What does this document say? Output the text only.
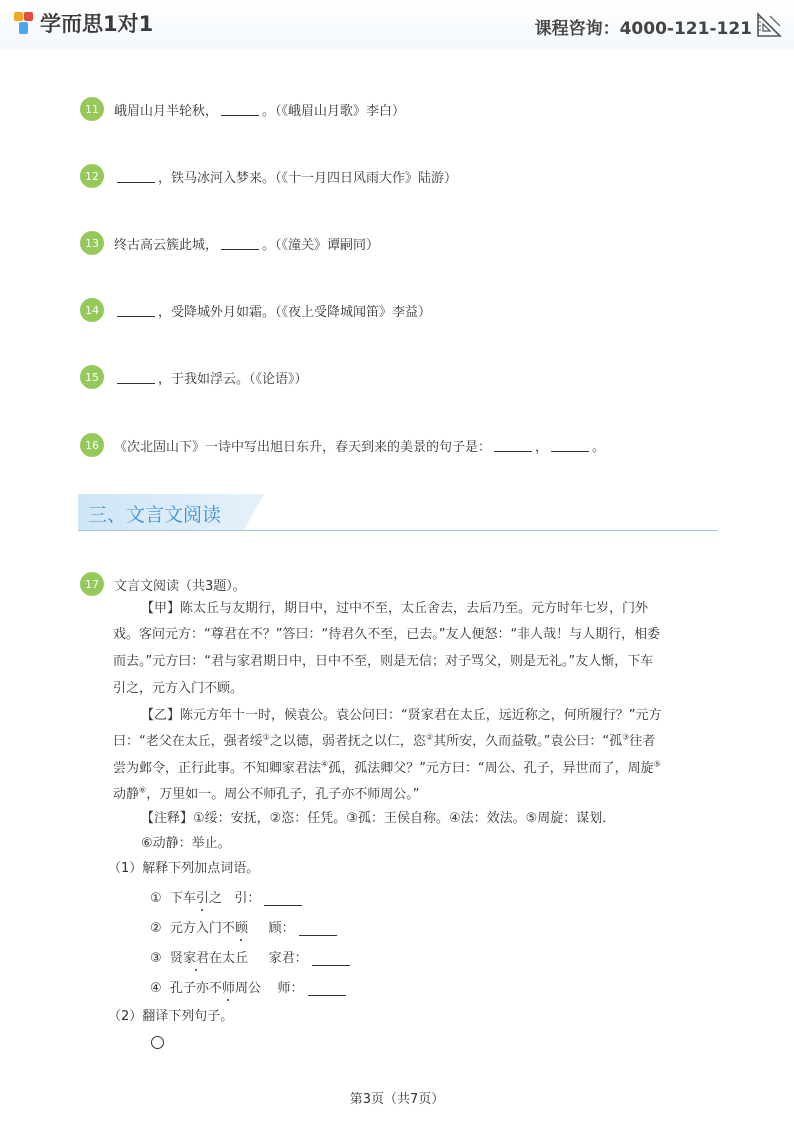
学而思1对1	课程咨询：4000-121-121
11	峨眉山月半轮秋，	。（《峨眉山月歌》李白）
12	，铁马冰河入梦来。（《十一月四日风雨大作》陆游）
13	终古高云簇此城，	。（《潼关》谭嗣同）
14	，受降城外月如霜。（《夜上受降城闻笛》李益）
15	，于我如浮云。（《论语》）
16	《次北固山下》一诗中写出旭日东升，春天到来的美景的句子是：	，	。
三、文言文阅读
17	文言文阅读（共3题）。
【甲】陈太丘与友期行，期日中，过中不至，太丘舍去，去后乃至。元方时年七岁，门外
戏。客问元方：“尊君在不？”答曰：“待君久不至，已去。”友人便怒：“非人哉！与人期行，相委
而去。”元方曰：“君与家君期日中，日中不至，则是无信；对子骂父，则是无礼。”友人惭，下车
引之，元方入门不顾。
【乙】陈元方年十一时，候袁公。袁公问曰：“贤家君在太丘，远近称之，何所履行？”元方
曰：“老父在太丘，强者绥①之以德，弱者抚之以仁，恣②其所安，久而益敬。”袁公曰：“孤③往者
尝为邺令，正行此事。不知卿家君法④孤，孤法卿父？”元方曰：“周公、孔子，异世而了，周旋⑤
动静⑥，万里如一。周公不师孔子，孔子亦不师周公。”
【注释】①绥：安抚，②恣：任凭。③孤：王侯自称。④法：效法。⑤周旋：谋划．
⑥动静：举止。
（1）解释下列加点词语。
① 下车引之 引：
② 元方入门不顾 顾：
③ 贤家君在太丘 家君：
④ 孔子亦不师周公 师：
（2）翻译下列句子。
第3页（共7页）
